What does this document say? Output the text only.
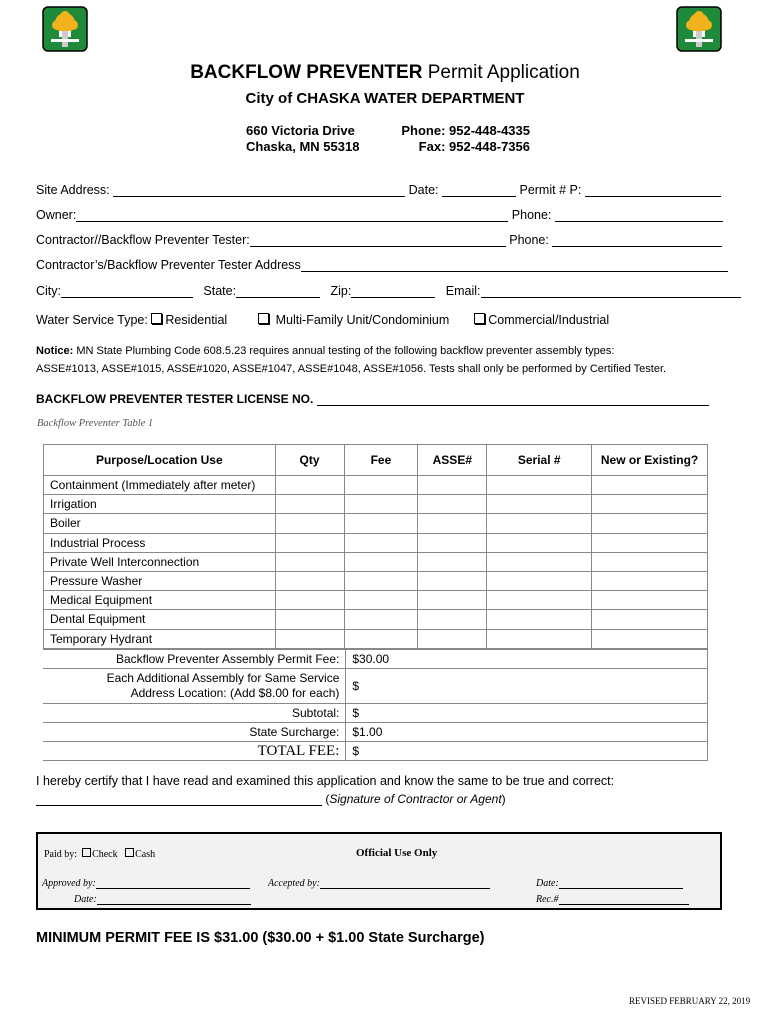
BACKFLOW PREVENTER Permit Application
City of CHASKA WATER DEPARTMENT
660 Victoria Drive
Chaska, MN 55318
Phone: 952-448-4335
Fax: 952-448-7356
Site Address:	Date:	Permit # P:
Owner:	Phone:
Contractor//Backflow Preventer Tester:	Phone:
Contractor’s/Backflow Preventer Tester Address
City:	State:	Zip:	Email:
Water Service Type: Residential	Multi-Family Unit/Condominium	Commercial/Industrial
Notice: MN State Plumbing Code 608.5.23 requires annual testing of the following backflow preventer assembly types:
ASSE#1013, ASSE#1015, ASSE#1020, ASSE#1047, ASSE#1048, ASSE#1056. Tests shall only be performed by Certified Tester.
BACKFLOW PREVENTER TESTER LICENSE NO.
Backflow Preventer Table 1
Purpose/Location Use	Qty	Fee	ASSE#	Serial #	New or Existing?
Containment (Immediately after meter)					
Irrigation					
Boiler					
Industrial Process					
Private Well Interconnection					
Pressure Washer					
Medical Equipment					
Dental Equipment					
Temporary Hydrant					
Backflow Preventer Assembly Permit Fee:	$30.00

Each Additional Assembly for Same Service
Address Location: (Add $8.00 for each)	$
Subtotal:	$
State Surcharge:	$1.00
TOTAL FEE:	$
I hereby certify that I have read and examined this application and know the same to be true and correct:
(Signature of Contractor or Agent)
Paid by: Check Cash	Official Use Only
Approved by:	Accepted by:	Date:
Date:	Rec.#
MINIMUM PERMIT FEE IS $31.00 ($30.00 + $1.00 State Surcharge)
REVISED FEBRUARY 22, 2019
